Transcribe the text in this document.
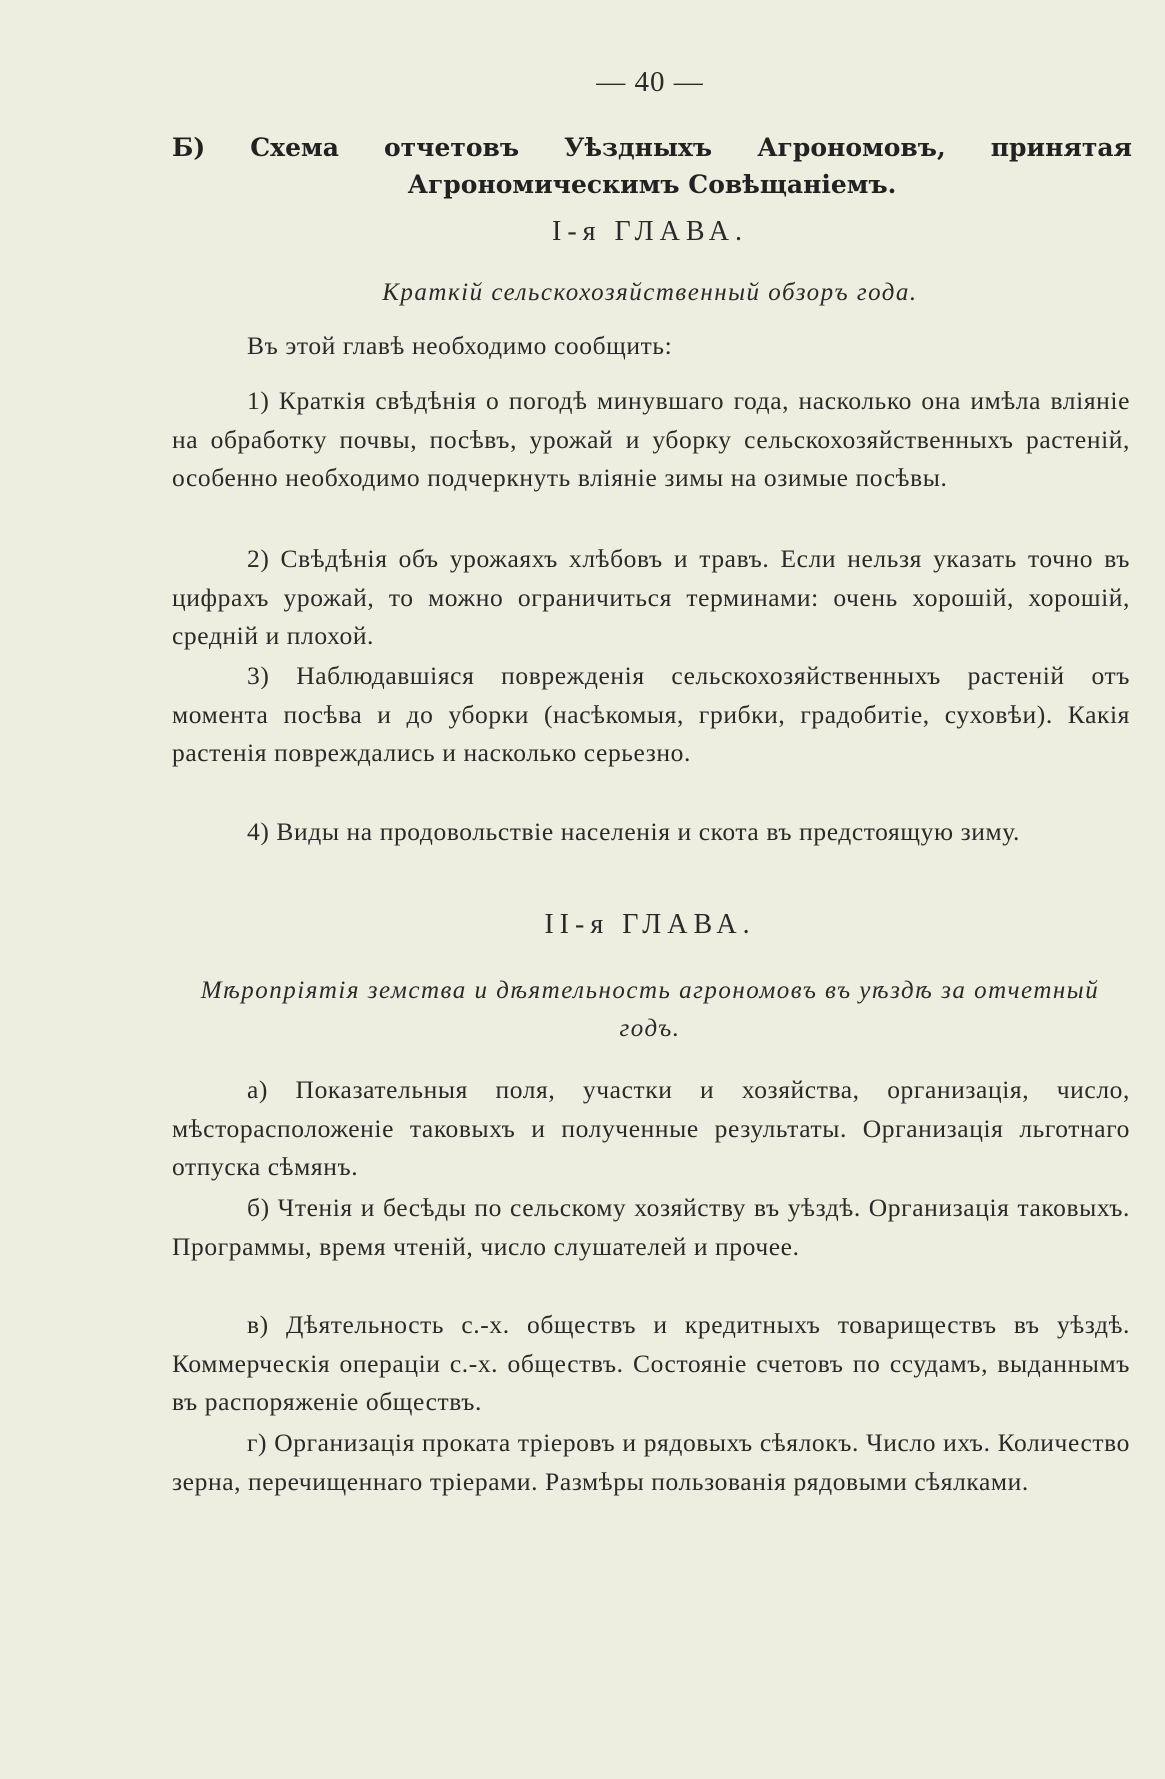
— 40 —
Б) Схема отчетовъ Уѣздныхъ Агрономовъ, принятая Агрономическимъ Совѣщаніемъ.
I-я ГЛАВА.
Краткій сельскохозяйственный обзоръ года.
Въ этой главѣ необходимо сообщить:
1) Краткія свѣдѣнія о погодѣ минувшаго года, насколько она имѣла вліяніе на обработку почвы, посѣвъ, урожай и уборку сельскохозяйственныхъ растеній, особенно необходимо подчеркнуть вліяніе зимы на озимые посѣвы.
2) Свѣдѣнія объ урожаяхъ хлѣбовъ и травъ. Если нельзя указать точно въ цифрахъ урожай, то можно ограничиться терминами: очень хорошій, хорошій, средній и плохой.
3) Наблюдавшіяся поврежденія сельскохозяйственныхъ растеній отъ момента посѣва и до уборки (насѣкомыя, грибки, градобитіе, суховѣи). Какія растенія повреждались и насколько серьезно.
4) Виды на продовольствіе населенія и скота въ предстоящую зиму.
II-я ГЛАВА.
Мѣропріятія земства и дѣятельность агрономовъ въ уѣздѣ за отчетный годъ.
а) Показательныя поля, участки и хозяйства, организація, число, мѣсторасположеніе таковыхъ и полученные результаты. Организація льготнаго отпуска сѣмянъ.
б) Чтенія и бесѣды по сельскому хозяйству въ уѣздѣ. Организація таковыхъ. Программы, время чтеній, число слушателей и прочее.
в) Дѣятельность с.-х. обществъ и кредитныхъ товариществъ въ уѣздѣ. Коммерческія операціи с.-х. обществъ. Состояніе счетовъ по ссудамъ, выданнымъ въ распоряженіе обществъ.
г) Организація проката тріеровъ и рядовыхъ сѣялокъ. Число ихъ. Количество зерна, перечищеннаго тріерами. Размѣры пользованія рядовыми сѣялками.
